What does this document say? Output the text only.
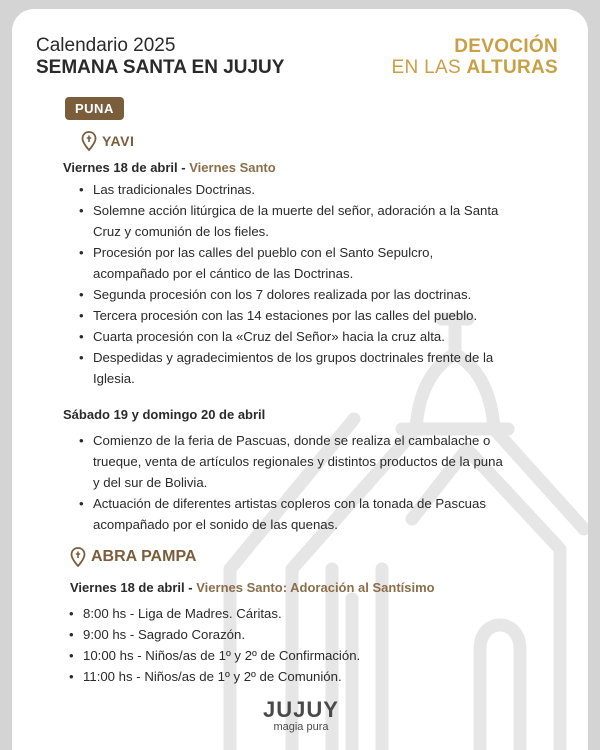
Calendario 2025
SEMANA SANTA EN JUJUY
DEVOCIÓN
EN LAS ALTURAS
PUNA
YAVI
Viernes 18 de abril - Viernes Santo
• Las tradicionales Doctrinas.
• Solemne acción litúrgica de la muerte del señor, adoración a la Santa
Cruz y comunión de los fieles.
• Procesión por las calles del pueblo con el Santo Sepulcro,
acompañado por el cántico de las Doctrinas.
• Segunda procesión con los 7 dolores realizada por las doctrinas.
• Tercera procesión con las 14 estaciones por las calles del pueblo.
• Cuarta procesión con la «Cruz del Señor» hacia la cruz alta.
• Despedidas y agradecimientos de los grupos doctrinales frente de la
Iglesia.
Sábado 19 y domingo 20 de abril
• Comienzo de la feria de Pascuas, donde se realiza el cambalache o
trueque, venta de artículos regionales y distintos productos de la puna
y del sur de Bolivia.
• Actuación de diferentes artistas copleros con la tonada de Pascuas
acompañado por el sonido de las quenas.
ABRA PAMPA
Viernes 18 de abril - Viernes Santo: Adoración al Santísimo
• 8:00 hs - Liga de Madres. Cáritas.
• 9:00 hs - Sagrado Corazón.
• 10:00 hs - Niños/as de 1º y 2º de Confirmación.
• 11:00 hs - Niños/as de 1º y 2º de Comunión.
JUJUY
magia pura
